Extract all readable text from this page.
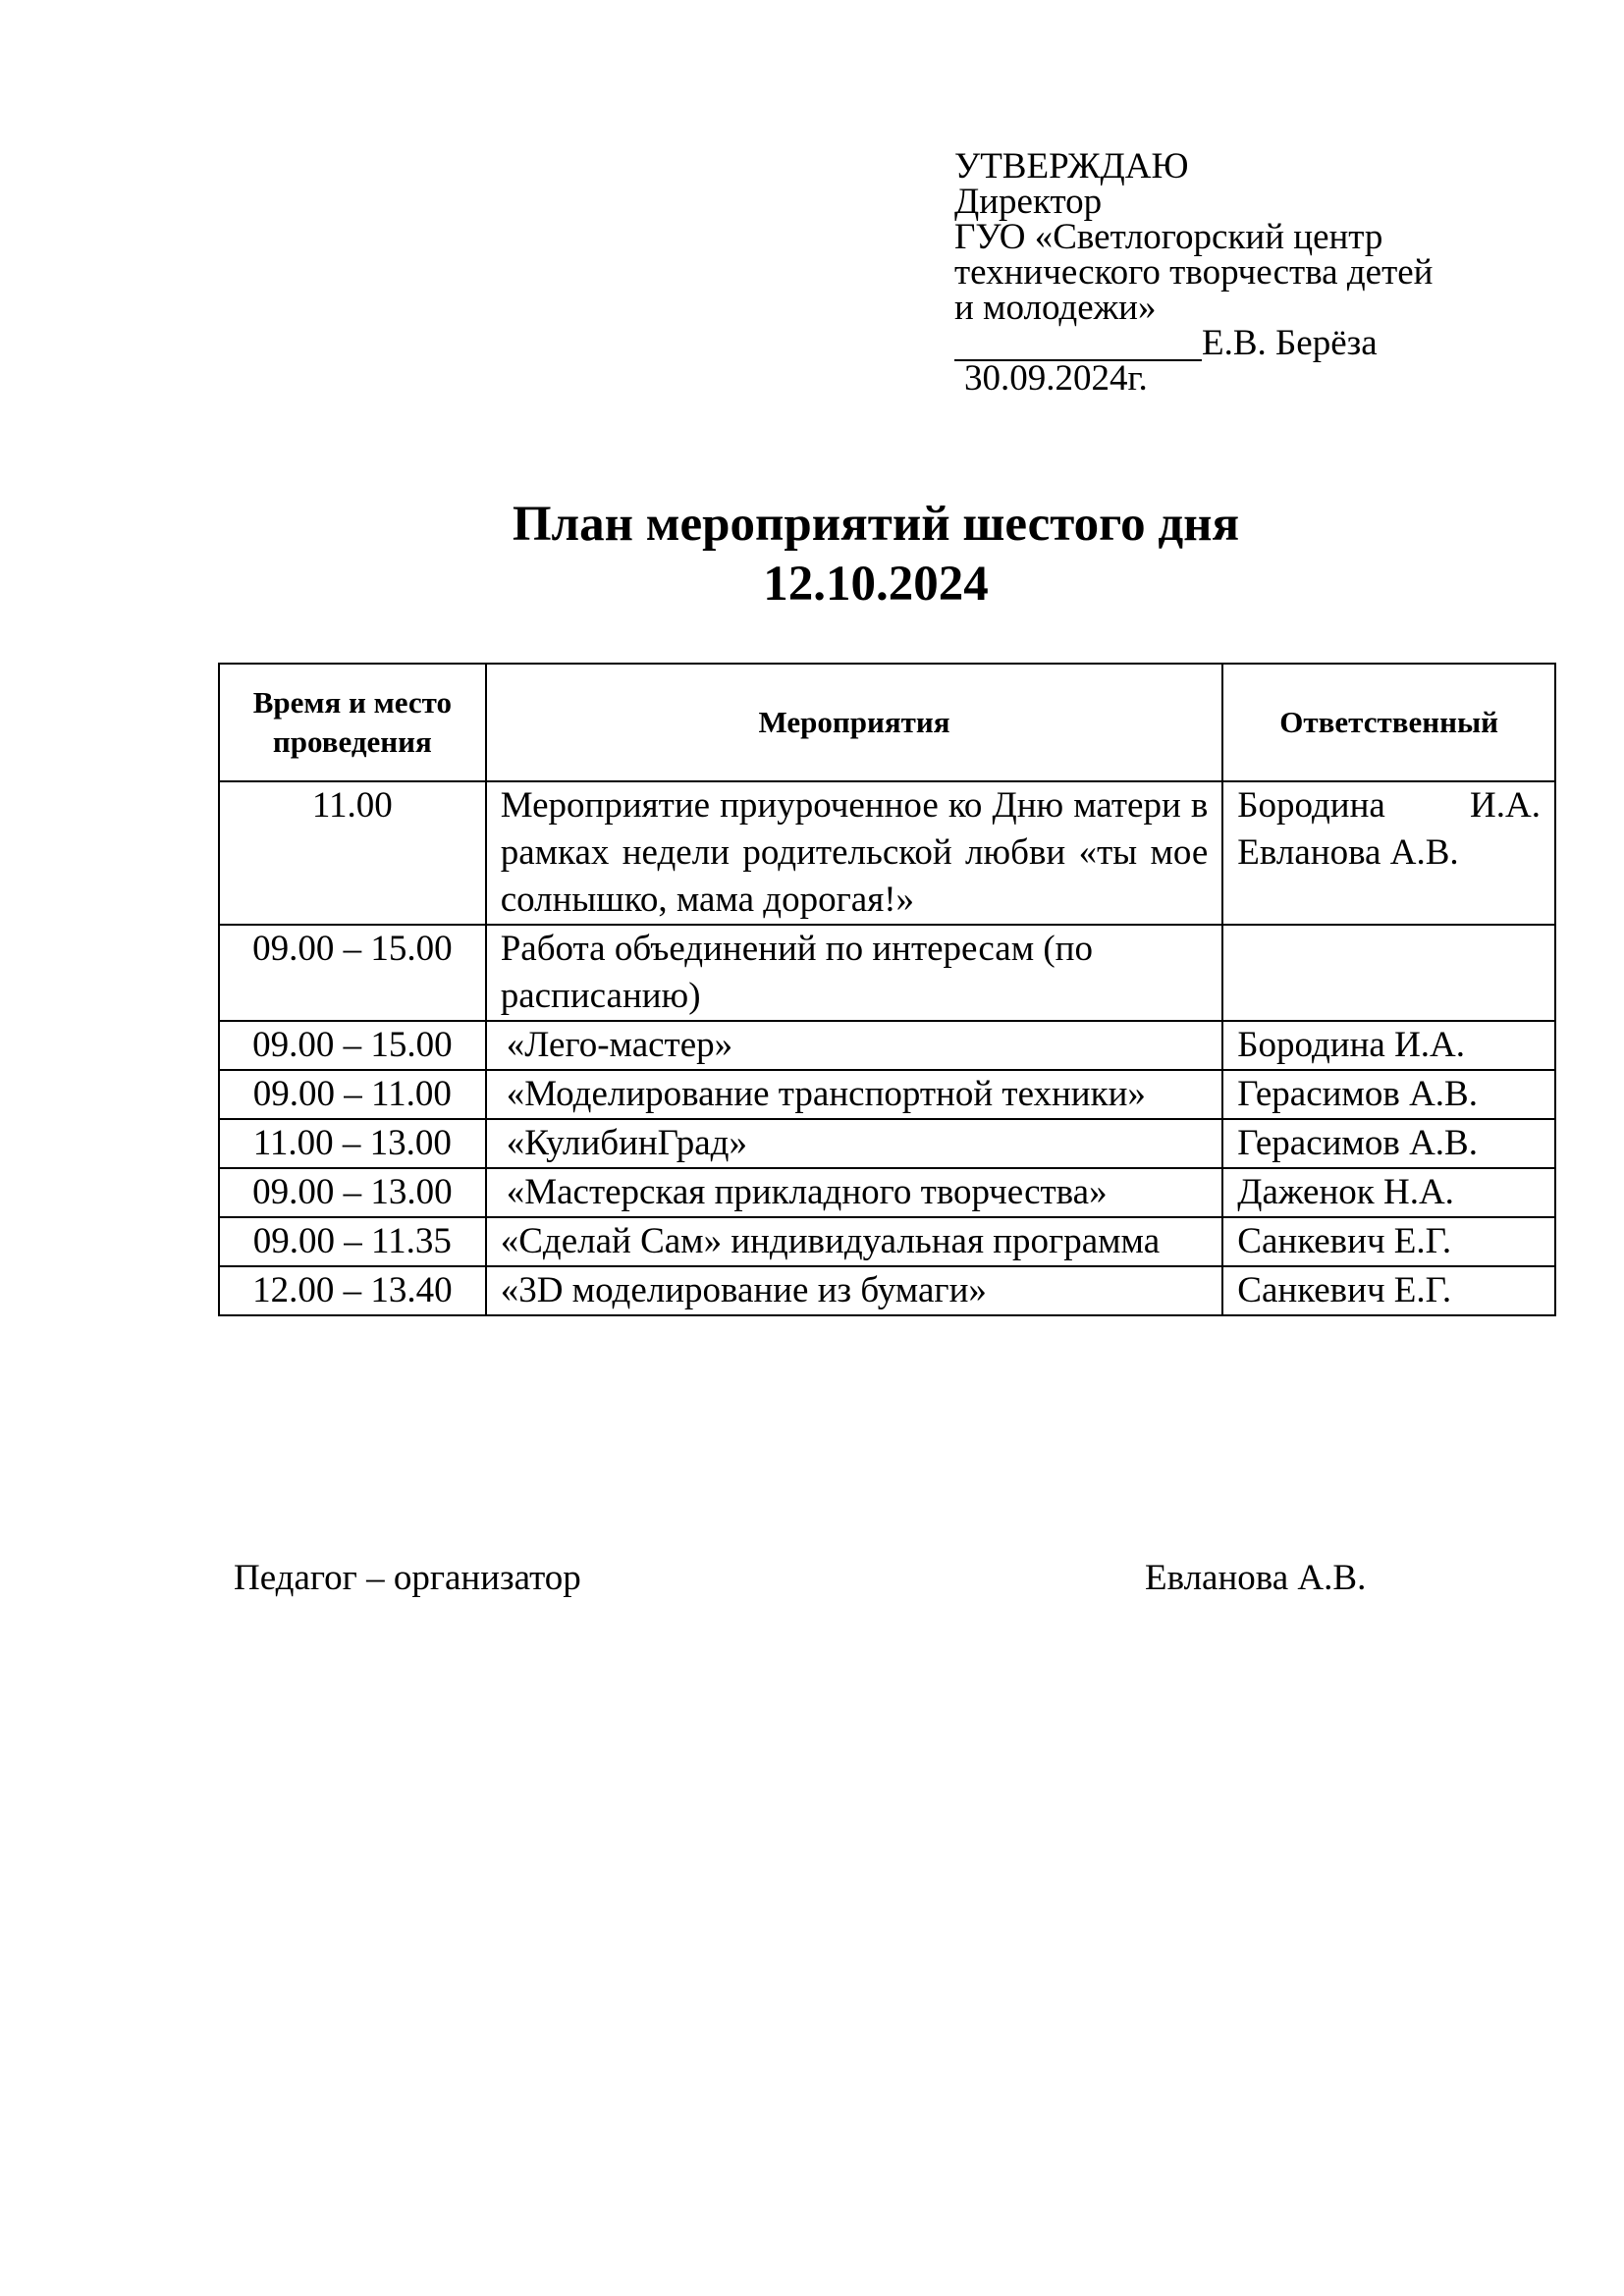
УТВЕРЖДАЮ
Директор
ГУО «Светлогорский центр
технического творчества детей
и молодежи»
Е.В. Берёза
30.09.2024г.
План мероприятий шестого дня
12.10.2024
Время и место проведения	Мероприятия	Ответственный
11.00	Мероприятие приуроченное ко Дню матери в рамках недели родительской любви «ты мое солнышко, мама дорогая!»	Бородина И.А. Евланова А.В.
09.00 – 15.00	Работа объединений по интересам (по расписанию)	
09.00 – 15.00	«Лего-мастер»	Бородина И.А.
09.00 – 11.00	«Моделирование транспортной техники»	Герасимов А.В.
11.00 – 13.00	«КулибинГрад»	Герасимов А.В.
09.00 – 13.00	«Мастерская прикладного творчества»	Даженок Н.А.
09.00 – 11.35	«Сделай Сам» индивидуальная программа	Санкевич Е.Г.
12.00 – 13.40	«3D моделирование из бумаги»	Санкевич Е.Г.
Педагог – организатор	Евланова А.В.
